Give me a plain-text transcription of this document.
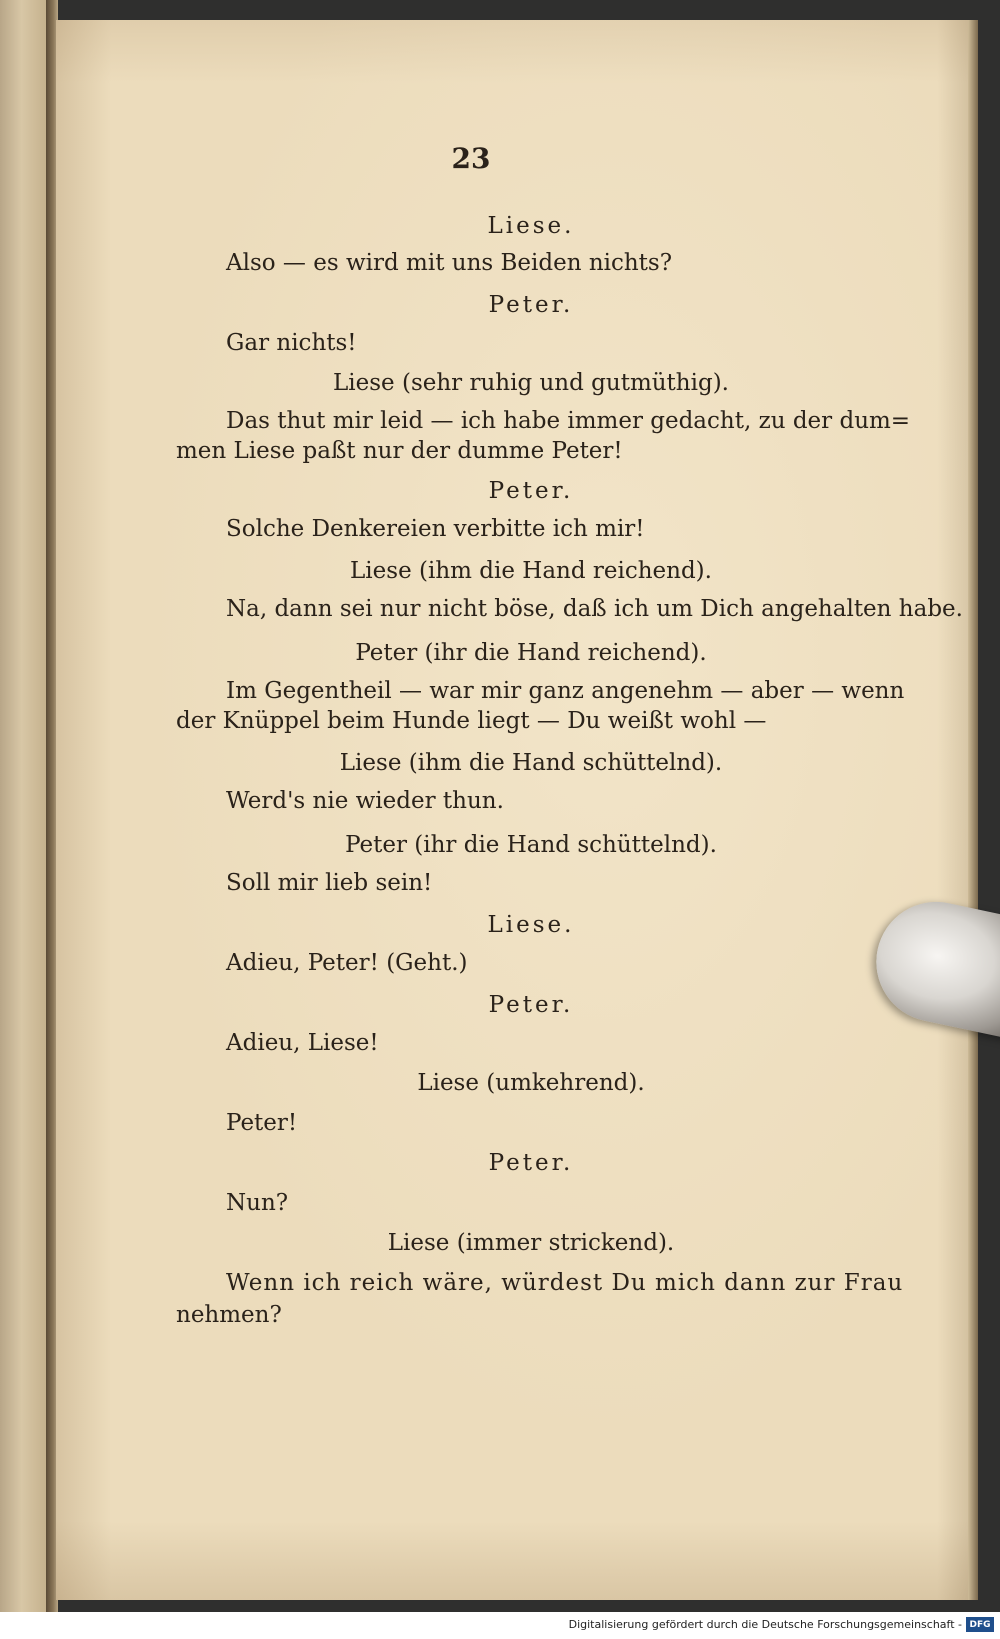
23
Liese.
Also — es wird mit uns Beiden nichts?
Peter.
Gar nichts!
Liese (sehr ruhig und gutmüthig).
Das thut mir leid — ich habe immer gedacht, zu der dum=
men Liese paßt nur der dumme Peter!
Peter.
Solche Denkereien verbitte ich mir!
Liese (ihm die Hand reichend).
Na, dann sei nur nicht böse, daß ich um Dich angehalten habe.
Peter (ihr die Hand reichend).
Im Gegentheil — war mir ganz angenehm — aber — wenn
der Knüppel beim Hunde liegt — Du weißt wohl —
Liese (ihm die Hand schüttelnd).
Werd's nie wieder thun.
Peter (ihr die Hand schüttelnd).
Soll mir lieb sein!
Liese.
Adieu, Peter! (Geht.)
Peter.
Adieu, Liese!
Liese (umkehrend).
Peter!
Peter.
Nun?
Liese (immer strickend).
Wenn ich reich wäre, würdest Du mich dann zur Frau
nehmen?
Digitalisierung gefördert durch die Deutsche Forschungsgemeinschaft - DFG
